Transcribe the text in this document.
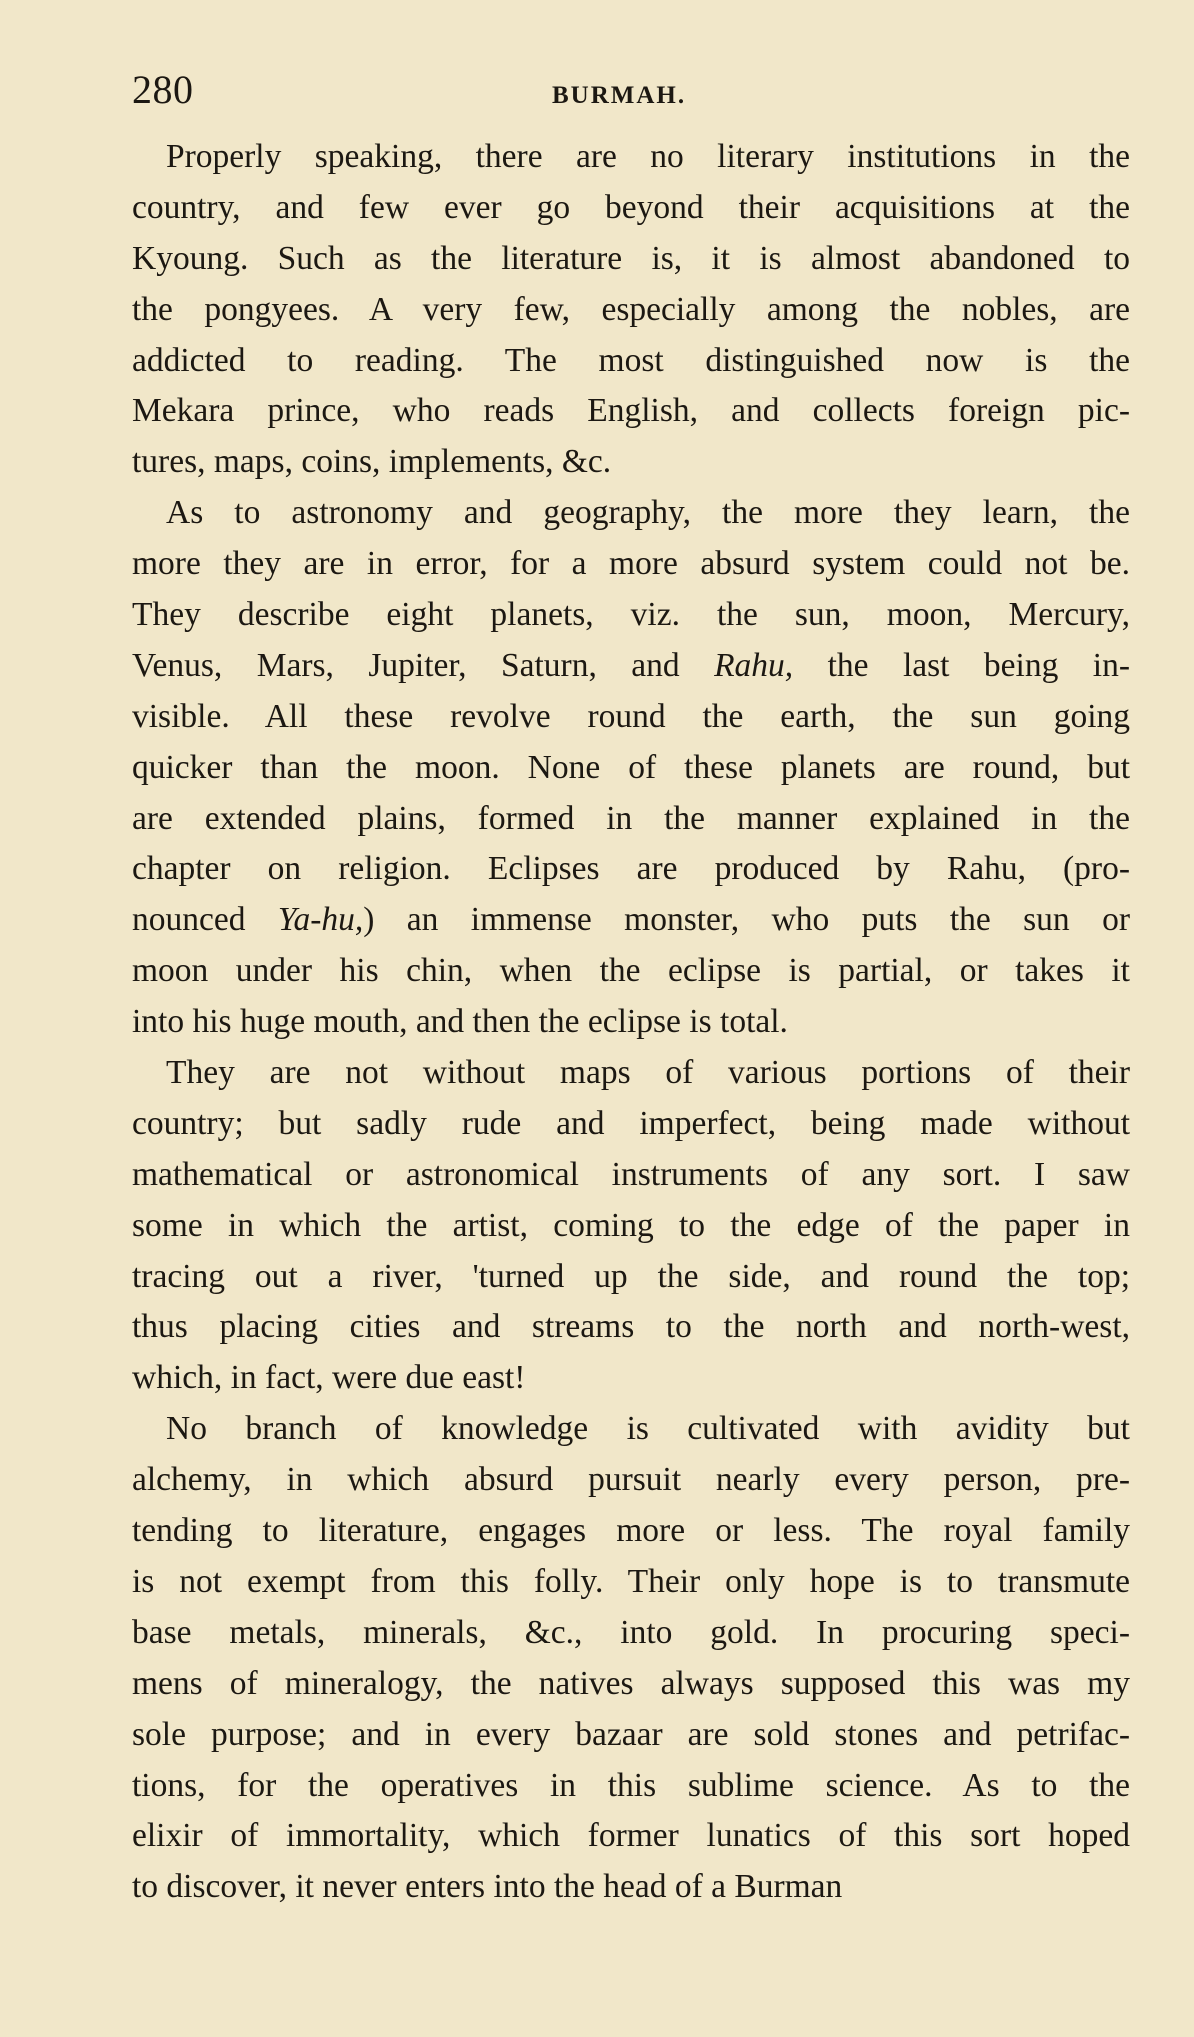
280	BURMAH.
Properly speaking, there are no literary institutions in the
country, and few ever go beyond their acquisitions at the
Kyoung. Such as the literature is, it is almost abandoned to
the pongyees. A very few, especially among the nobles, are
addicted to reading. The most distinguished now is the
Mekara prince, who reads English, and collects foreign pic-
tures, maps, coins, implements, &c.
As to astronomy and geography, the more they learn, the
more they are in error, for a more absurd system could not be.
They describe eight planets, viz. the sun, moon, Mercury,
Venus, Mars, Jupiter, Saturn, and Rahu, the last being in-
visible. All these revolve round the earth, the sun going
quicker than the moon. None of these planets are round, but
are extended plains, formed in the manner explained in the
chapter on religion. Eclipses are produced by Rahu, (pro-
nounced Ya-hu,) an immense monster, who puts the sun or
moon under his chin, when the eclipse is partial, or takes it
into his huge mouth, and then the eclipse is total.
They are not without maps of various portions of their
country; but sadly rude and imperfect, being made without
mathematical or astronomical instruments of any sort. I saw
some in which the artist, coming to the edge of the paper in
tracing out a river, 'turned up the side, and round the top;
thus placing cities and streams to the north and north-west,
which, in fact, were due east!
No branch of knowledge is cultivated with avidity but
alchemy, in which absurd pursuit nearly every person, pre-
tending to literature, engages more or less. The royal family
is not exempt from this folly. Their only hope is to transmute
base metals, minerals, &c., into gold. In procuring speci-
mens of mineralogy, the natives always supposed this was my
sole purpose; and in every bazaar are sold stones and petrifac-
tions, for the operatives in this sublime science. As to the
elixir of immortality, which former lunatics of this sort hoped
to discover, it never enters into the head of a Burman
